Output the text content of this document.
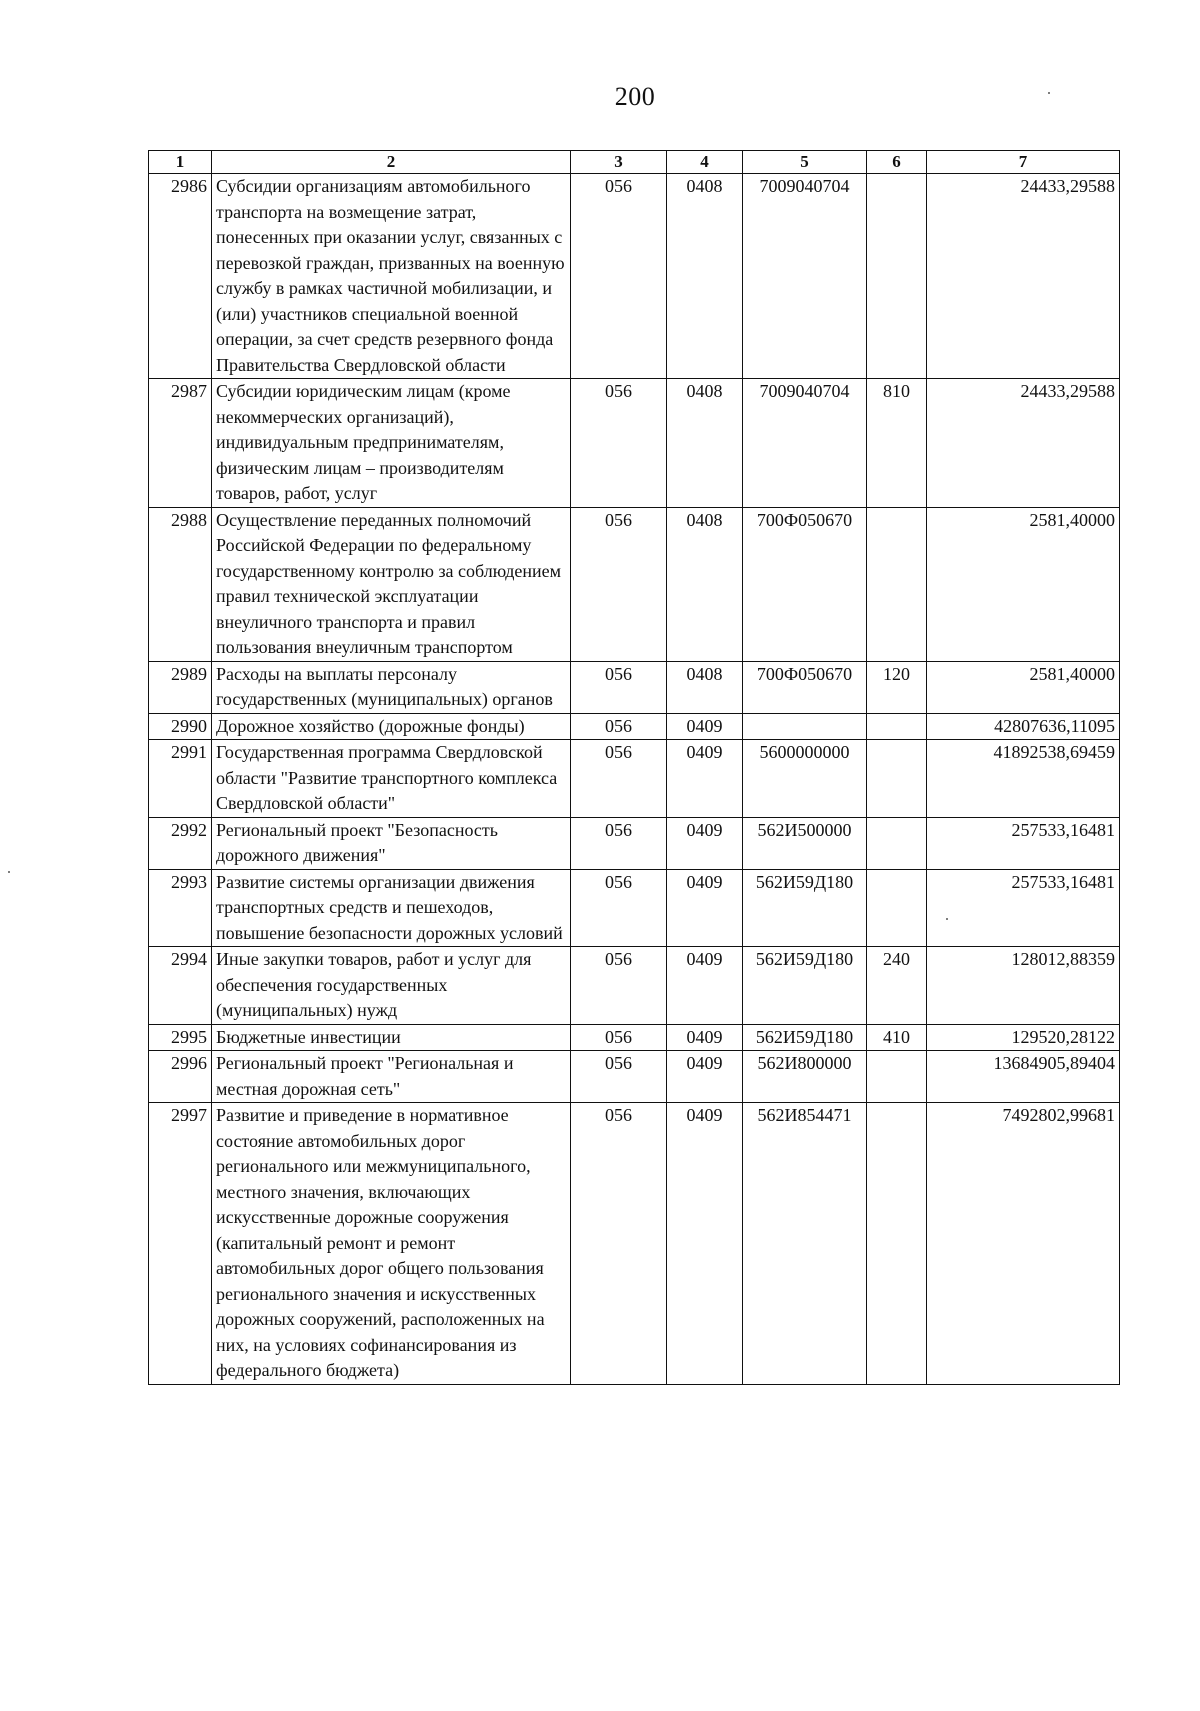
200
1	2	3	4	5	6	7
2986	Субсидии организациям автомобильного транспорта на возмещение затрат, понесенных при оказании услуг, связанных с перевозкой граждан, призванных на военную службу в рамках частичной мобилизации, и (или) участников специальной военной операции, за счет средств резервного фонда Правительства Свердловской области	056	0408	7009040704		24433,29588
2987	Субсидии юридическим лицам (кроме некоммерческих организаций), индивидуальным предпринимателям, физическим лицам – производителям товаров, работ, услуг	056	0408	7009040704	810	24433,29588
2988	Осуществление переданных полномочий Российской Федерации по федеральному государственному контролю за соблюдением правил технической эксплуатации внеуличного транспорта и правил пользования внеуличным транспортом	056	0408	700Ф050670		2581,40000
2989	Расходы на выплаты персоналу государственных (муниципальных) органов	056	0408	700Ф050670	120	2581,40000
2990	Дорожное хозяйство (дорожные фонды)	056	0409			42807636,11095
2991	Государственная программа Свердловской области "Развитие транспортного комплекса Свердловской области"	056	0409	5600000000		41892538,69459
2992	Региональный проект "Безопасность дорожного движения"	056	0409	562И500000		257533,16481
2993	Развитие системы организации движения транспортных средств и пешеходов, повышение безопасности дорожных условий	056	0409	562И59Д180		257533,16481
2994	Иные закупки товаров, работ и услуг для обеспечения государственных (муниципальных) нужд	056	0409	562И59Д180	240	128012,88359
2995	Бюджетные инвестиции	056	0409	562И59Д180	410	129520,28122
2996	Региональный проект "Региональная и местная дорожная сеть"	056	0409	562И800000		13684905,89404
2997	Развитие и приведение в нормативное состояние автомобильных дорог регионального или межмуниципального, местного значения, включающих искусственные дорожные сооружения (капитальный ремонт и ремонт автомобильных дорог общего пользования регионального значения и искусственных дорожных сооружений, расположенных на них, на условиях софинансирования из федерального бюджета)	056	0409	562И854471		7492802,99681
